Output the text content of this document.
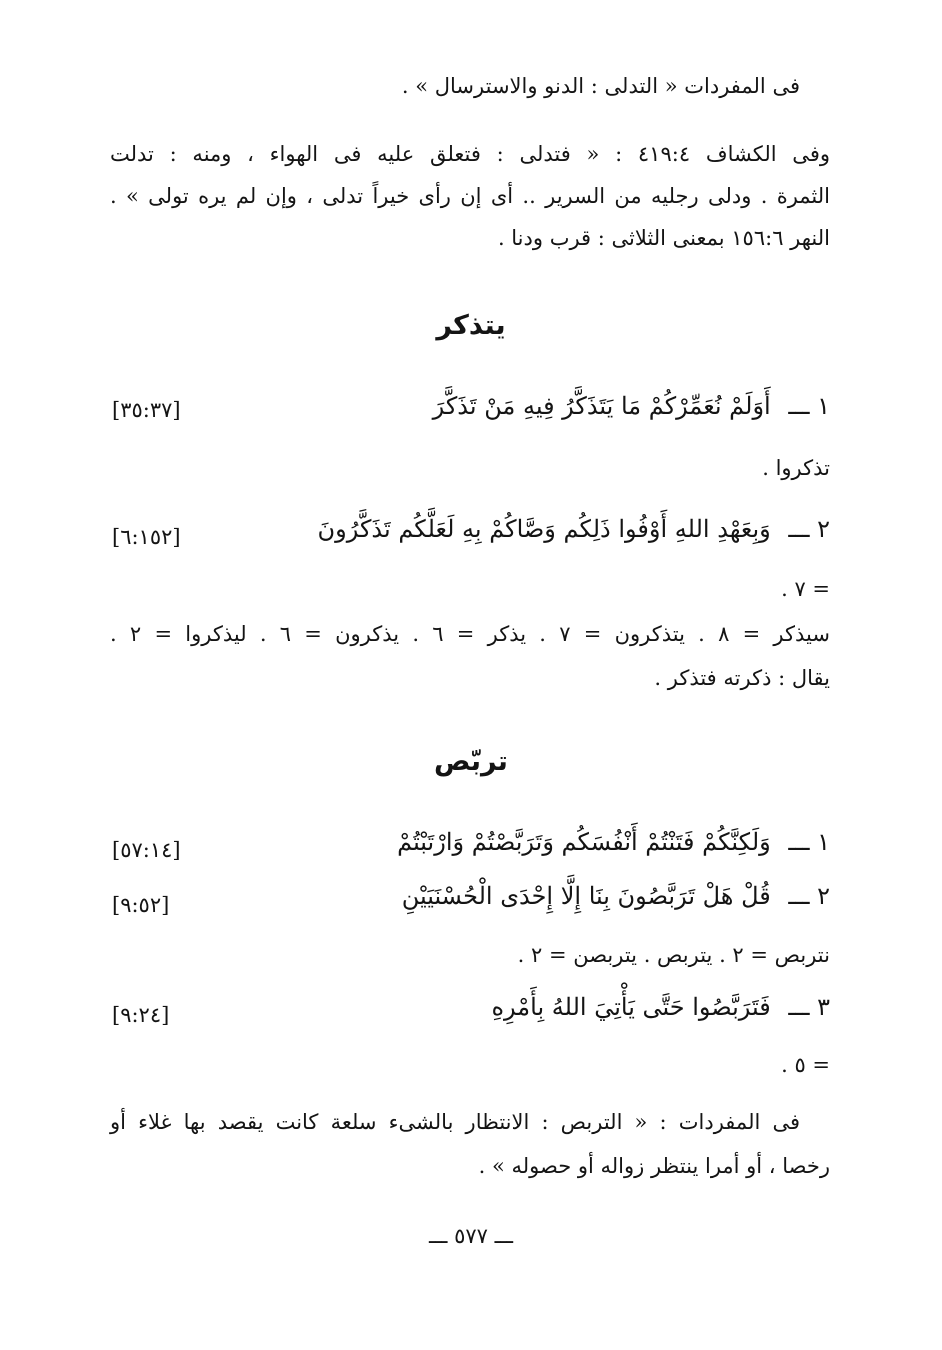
فى المفردات « التدلى : الدنو والاسترسال » .
وفى الكشاف ٤١٩:٤ : « فتدلى : فتعلق عليه فى الهواء ، ومنه : تدلت
الثمرة . ودلى رجليه من السرير .. أى إن رأى خيراً تدلى ، وإن لم يره تولى » .
النهر ١٥٦:٦ بمعنى الثلاثى : قرب ودنا .
يتذكر
١ ـــ أَوَلَمْ نُعَمِّرْكُمْ مَا يَتَذَكَّرُ فِيهِ مَنْ تَذَكَّرَ
[٣٥:٣٧]
تذكروا .
٢ ـــ وَبِعَهْدِ اللهِ أَوْفُوا ذَلِكُم وَصَّاكُمْ بِهِ لَعَلَّكُم تَذَكَّرُونَ
[٦:١٥٢]
= ٧ .
سيذكر = ٨ . يتذكرون = ٧ . يذكر = ٦ . يذكرون = ٦ . ليذكروا = ٢ .
يقال : ذكرته فتذكر .
تربّص
١ ـــ وَلَكِنَّكُمْ فَتَنْتُمْ أَنْفُسَكُم وَتَرَبَّصْتُمْ وَارْتَبْتُمْ
[٥٧:١٤]
٢ ـــ قُلْ هَلْ تَرَبَّصُونَ بِنَا إِلَّا إِحْدَى الْحُسْنَيَيْنِ
[٩:٥٢]
نتربص = ٢ . يتربص . يتربصن = ٢ .
٣ ـــ فَتَرَبَّصُوا حَتَّى يَأْتِيَ اللهُ بِأَمْرِهِ
[٩:٢٤]
= ٥ .
فى المفردات : « التربص : الانتظار بالشىء سلعة كانت يقصد بها غلاء أو
رخصا ، أو أمرا ينتظر زواله أو حصوله » .
ـــ ٥٧٧ ـــ
